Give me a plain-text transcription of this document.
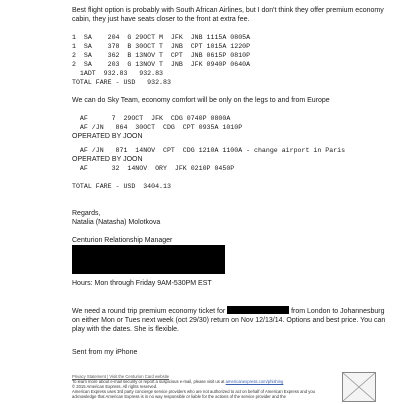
Best flight option is probably with South African Airlines, but I don't think they offer premium economy cabin, they just have seats closer to the front at extra fee.

1  SA    204  G 29OCT M  JFK  JNB 1115A 0805A
1  SA    378  B 30OCT T  JNB  CPT 1015A 1220P
2  SA    362  B 13NOV T  CPT  JNB 0615P 0810P
2  SA    203  G 13NOV T  JNB  JFK 0940P 0640A
1ADT  932.83   932.83
TOTAL FARE - USD   932.83

We can do Sky Team, economy comfort will be only on the legs to and from Europe

AF      7  29OCT  JFK  CDG 0740P 0800A
AF /JN   864  30OCT  CDG  CPT 0935A 1010P
OPERATED BY JOON
AF /JN   871  14NOV  CPT  CDG 1210A 1100A - change airport in Paris
OPERATED BY JOON
AF      32  14NOV  ORY  JFK 0210P 0450P
TOTAL FARE - USD  3404.13
Regards,
Natalia (Natasha) Molotkova
Centurion Relationship Manager
Hours: Mon through Friday 9AM-530PM EST

We need a round trip premium economy ticket for	from London to Johannesburg on either Mon or Tues next week (oct 29/30) return on Nov 12/13/14. Options and best price. You can play with the dates. She is flexible.

Sent from my iPhone
Privacy Statement | Visit the Centurion Card website
To learn more about e-mail security or report a suspicious e-mail, please visit us at americanexpress.com/phishing
© 2015 American Express. All rights reserved.
American Express uses 3rd party concierge service providers who are not authorized to act on behalf of American Express and you acknowledge that American Express is in no way responsible or liable for the actions of the service provider and the
